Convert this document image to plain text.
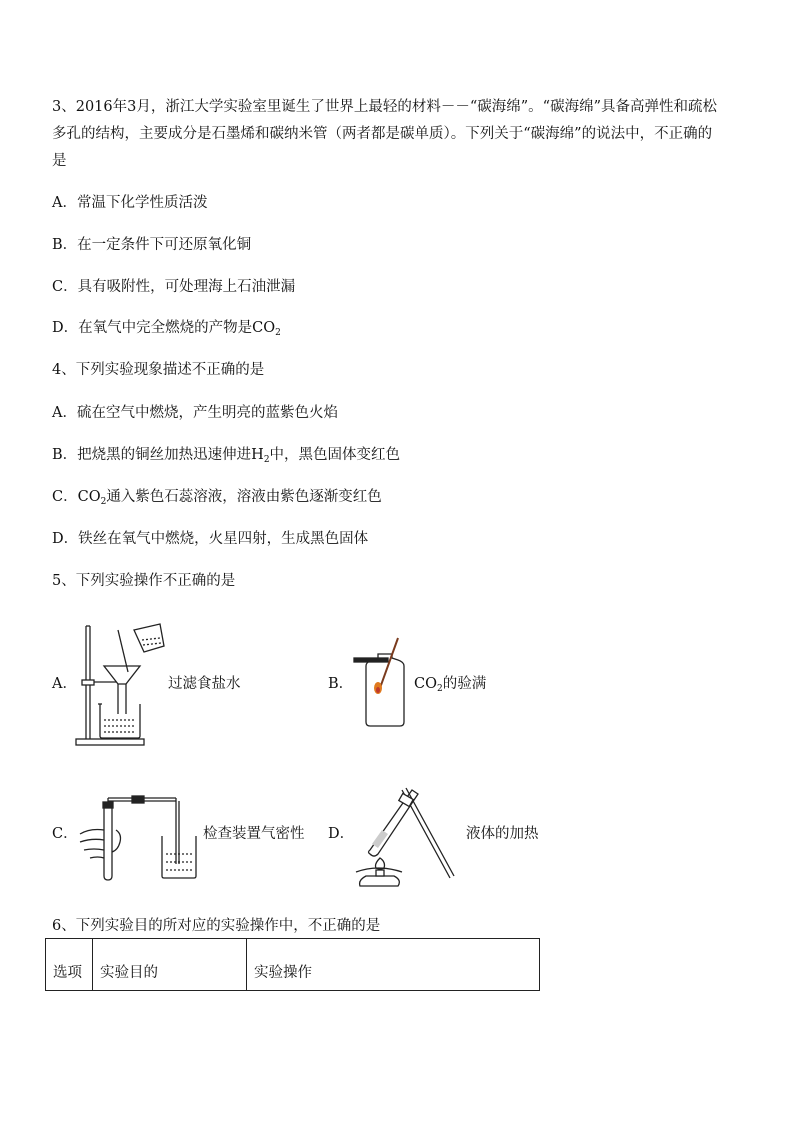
3、2016年3月，浙江大学实验室里诞生了世界上最轻的材料－－“碳海绵”。“碳海绵”具备高弹性和疏松
多孔的结构，主要成分是石墨烯和碳纳米管（两者都是碳单质）。下列关于“碳海绵”的说法中，不正确的
是
A．常温下化学性质活泼
B．在一定条件下可还原氧化铜
C．具有吸附性，可处理海上石油泄漏
D．在氧气中完全燃烧的产物是$CO_2$
4、下列实验现象描述不正确的是
A．硫在空气中燃烧，产生明亮的蓝紫色火焰
B．把烧黑的铜丝加热迅速伸进$H_2$中，黑色固体变红色
C．$CO_2$通入紫色石蕊溶液，溶液由紫色逐渐变红色
D．铁丝在氧气中燃烧，火星四射，生成黑色固体
5、下列实验操作不正确的是
A．	过滤食盐水	B．	$CO_2$的验满
C．	检查装置气密性 D．	液体的加热
6、下列实验目的所对应的实验操作中，不正确的是
选项	实验目的	实验操作
